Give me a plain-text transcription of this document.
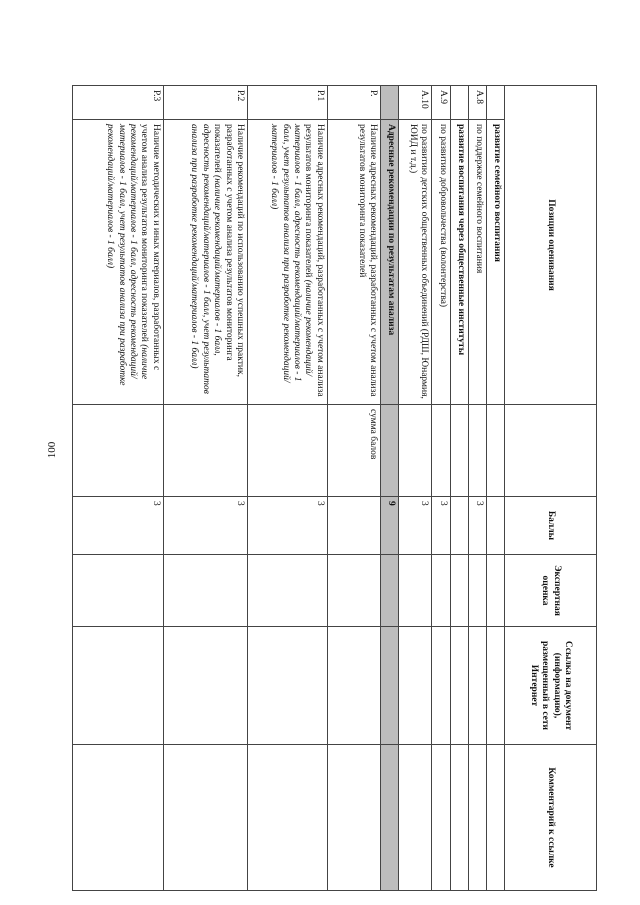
100
Позиции оценивания			Баллы	Экспертная оценка	Ссылка на документ (информацию), размещенный в сети Интернет	Комментарий к ссылке
	развитие семейного воспитания					
А.8	по поддержке семейного воспитания		3			
	развитие воспитания через общественные институты					
А.9	по развитию добровольчества (волонтерства)		3			
А.10	по развитию детских общественных объединений (РДШ, Юнармия, ЮИД и т.д.)		3			
	Адресные рекомендации по результатам анализа		9			
Р.	Наличие адресных рекомендаций, разработанных с учетом анализа результатов мониторинга показателей	сумма балов				
Р.1	Наличие адресных рекомендаций, разработанных с учетом анализа результатов мониторинга показателей (наличие рекомендаций/материалов - 1 балл, адресность рекомендаций/материалов - 1 балл, учет результатов анализа при разработке рекомендаций/материалов - 1 балл)		3			
Р.2	Наличие рекомендаций по использованию успешных практик, разработанных с учетом анализа результатов мониторинга показателей (наличие рекомендаций/материалов - 1 балл, адресность рекомендаций/материалов - 1 балл, учет результатов анализа при разработке рекомендаций/материалов - 1 балл)		3			
Р.3	Наличие методических и иных материалов, разработанных с учетом анализа результатов мониторинга показателей (наличие рекомендаций/материалов - 1 балл, адресность рекомендаций/материалов - 1 балл, учет результатов анализа при разработке рекомендаций/материалов - 1 балл)		3			
